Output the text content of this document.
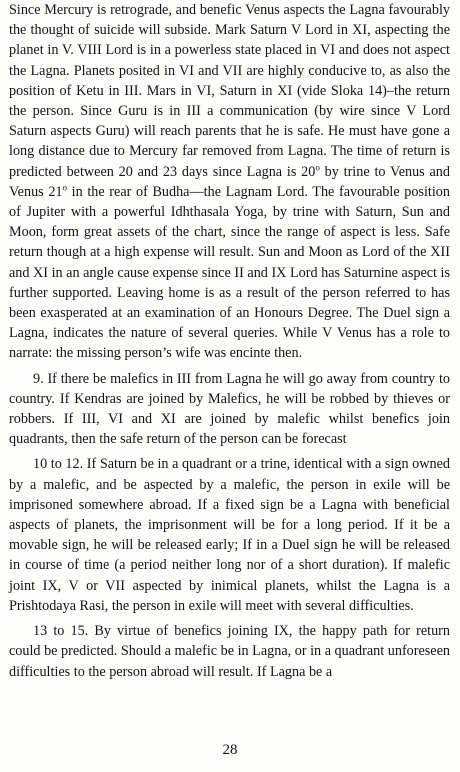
Since Mercury is retrograde, and benefic Venus aspects the Lagna favourably the thought of suicide will subside. Mark Saturn V Lord in XI, aspecting the planet in V. VIII Lord is in a powerless state placed in VI and does not aspect the Lagna. Planets posited in VI and VII are highly conducive to, as also the position of Ketu in III. Mars in VI, Saturn in XI (vide Sloka 14)–the return the person. Since Guru is in III a communication (by wire since V Lord Saturn aspects Guru) will reach parents that he is safe. He must have gone a long distance due to Mercury far removed from Lagna. The time of return is predicted between 20 and 23 days since Lagna is 20$^o$ by trine to Venus and Venus 21$^o$ in the rear of Budha—the Lagnam Lord. The favourable position of Jupiter with a powerful Idhthasala Yoga, by trine with Saturn, Sun and Moon, form great assets of the chart, since the range of aspect is less. Safe return though at a high expense will result. Sun and Moon as Lord of the XII and XI in an angle cause expense since II and IX Lord has Saturnine aspect is further supported. Leaving home is as a result of the person referred to has been exasperated at an examination of an Honours Degree. The Duel sign a Lagna, indicates the nature of several queries. While V Venus has a role to narrate: the missing person’s wife was encinte then.

9. If there be malefics in III from Lagna he will go away from country to country. If Kendras are joined by Malefics, he will be robbed by thieves or robbers. If III, VI and XI are joined by malefic whilst benefics join quadrants, then the safe return of the person can be forecast

10 to 12. If Saturn be in a quadrant or a trine, identical with a sign owned by a malefic, and be aspected by a malefic, the person in exile will be imprisoned somewhere abroad. If a fixed sign be a Lagna with beneficial aspects of planets, the imprisonment will be for a long period. If it be a movable sign, he will be released early; If in a Duel sign he will be released in course of time (a period neither long nor of a short duration). If malefic joint IX, V or VII aspected by inimical planets, whilst the Lagna is a Prishtodaya Rasi, the person in exile will meet with several difficulties.

13 to 15. By virtue of benefics joining IX, the happy path for return could be predicted. Should a malefic be in Lagna, or in a quadrant unforeseen difficulties to the person abroad will result. If Lagna be a

28
